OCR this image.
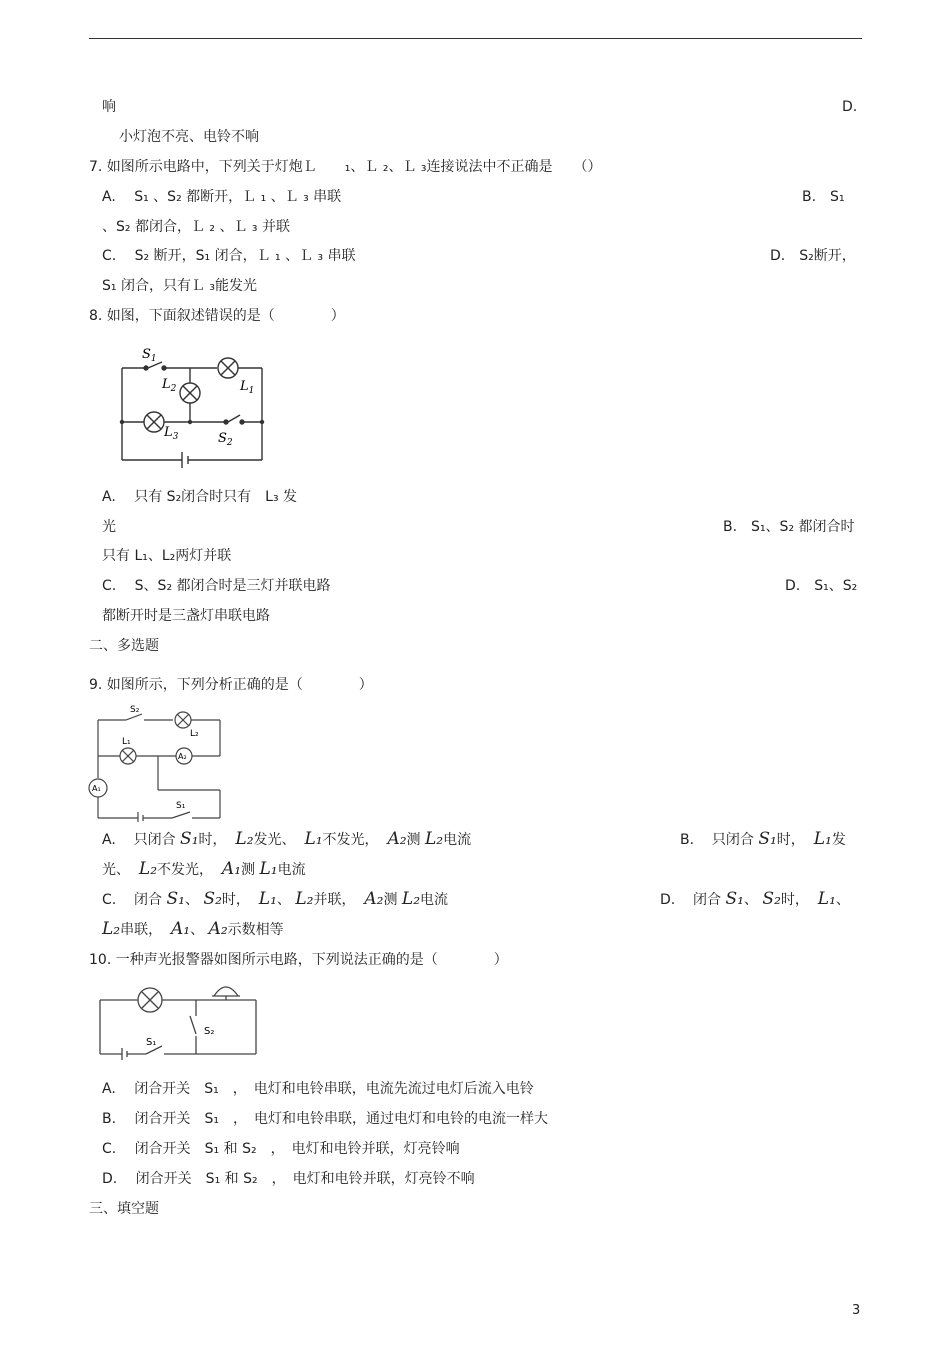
响	D.
小灯泡不亮、电铃不响
7. 如图所示电路中，下列关于灯炮Ｌ　　₁、Ｌ ₂、Ｌ ₃连接说法中不正确是　　（）
A.　 S₁ 、S₂ 都断开，Ｌ ₁ 、Ｌ ₃ 串联	B.　S₁
、S₂ 都闭合，Ｌ ₂ 、Ｌ ₃ 并联
C.　 S₂ 断开，S₁ 闭合，Ｌ ₁ 、Ｌ ₃ 串联	D.　S₂断开，
S₁ 闭合，只有Ｌ ₃能发光
8. 如图，下面叙述错误的是（　　　　）
$S_1$
$L_2$	$L_1$
$L_3$	$S_2$
A.　 只有 S₂闭合时只有　L₃ 发
光	B.　S₁、S₂ 都闭合时
只有 L₁、L₂两灯并联
C.　 S、S₂ 都闭合时是三灯并联电路	D.　S₁、S₂
都断开时是三盏灯串联电路
二、多选题
9. 如图所示，下列分析正确的是（　　　　）
S₂
L₂
L₁
A₂
A₁
S₁
A. 只闭合 S₁时， L₂发光、 L₁不发光， A₂测 L₂电流	B. 只闭合 S₁时， L₁发
光、 L₂不发光， A₁测 L₁电流
C. 闭合 S₁、 S₂时， L₁、 L₂并联， A₂测 L₂电流	D. 闭合 S₁、 S₂时， L₁、
L₂串联， A₁、 A₂示数相等
10. 一种声光报警器如图所示电路，下列说法正确的是（　　　　）
S₁
S₂
A.　 闭合开关　S₁　，　电灯和电铃串联，电流先流过电灯后流入电铃
B.　 闭合开关　S₁　，　电灯和电铃串联，通过电灯和电铃的电流一样大
C.　 闭合开关　S₁ 和 S₂　，　电灯和电铃并联，灯亮铃响
D.　 闭合开关　S₁ 和 S₂　，　电灯和电铃并联，灯亮铃不响
三、填空题
3
